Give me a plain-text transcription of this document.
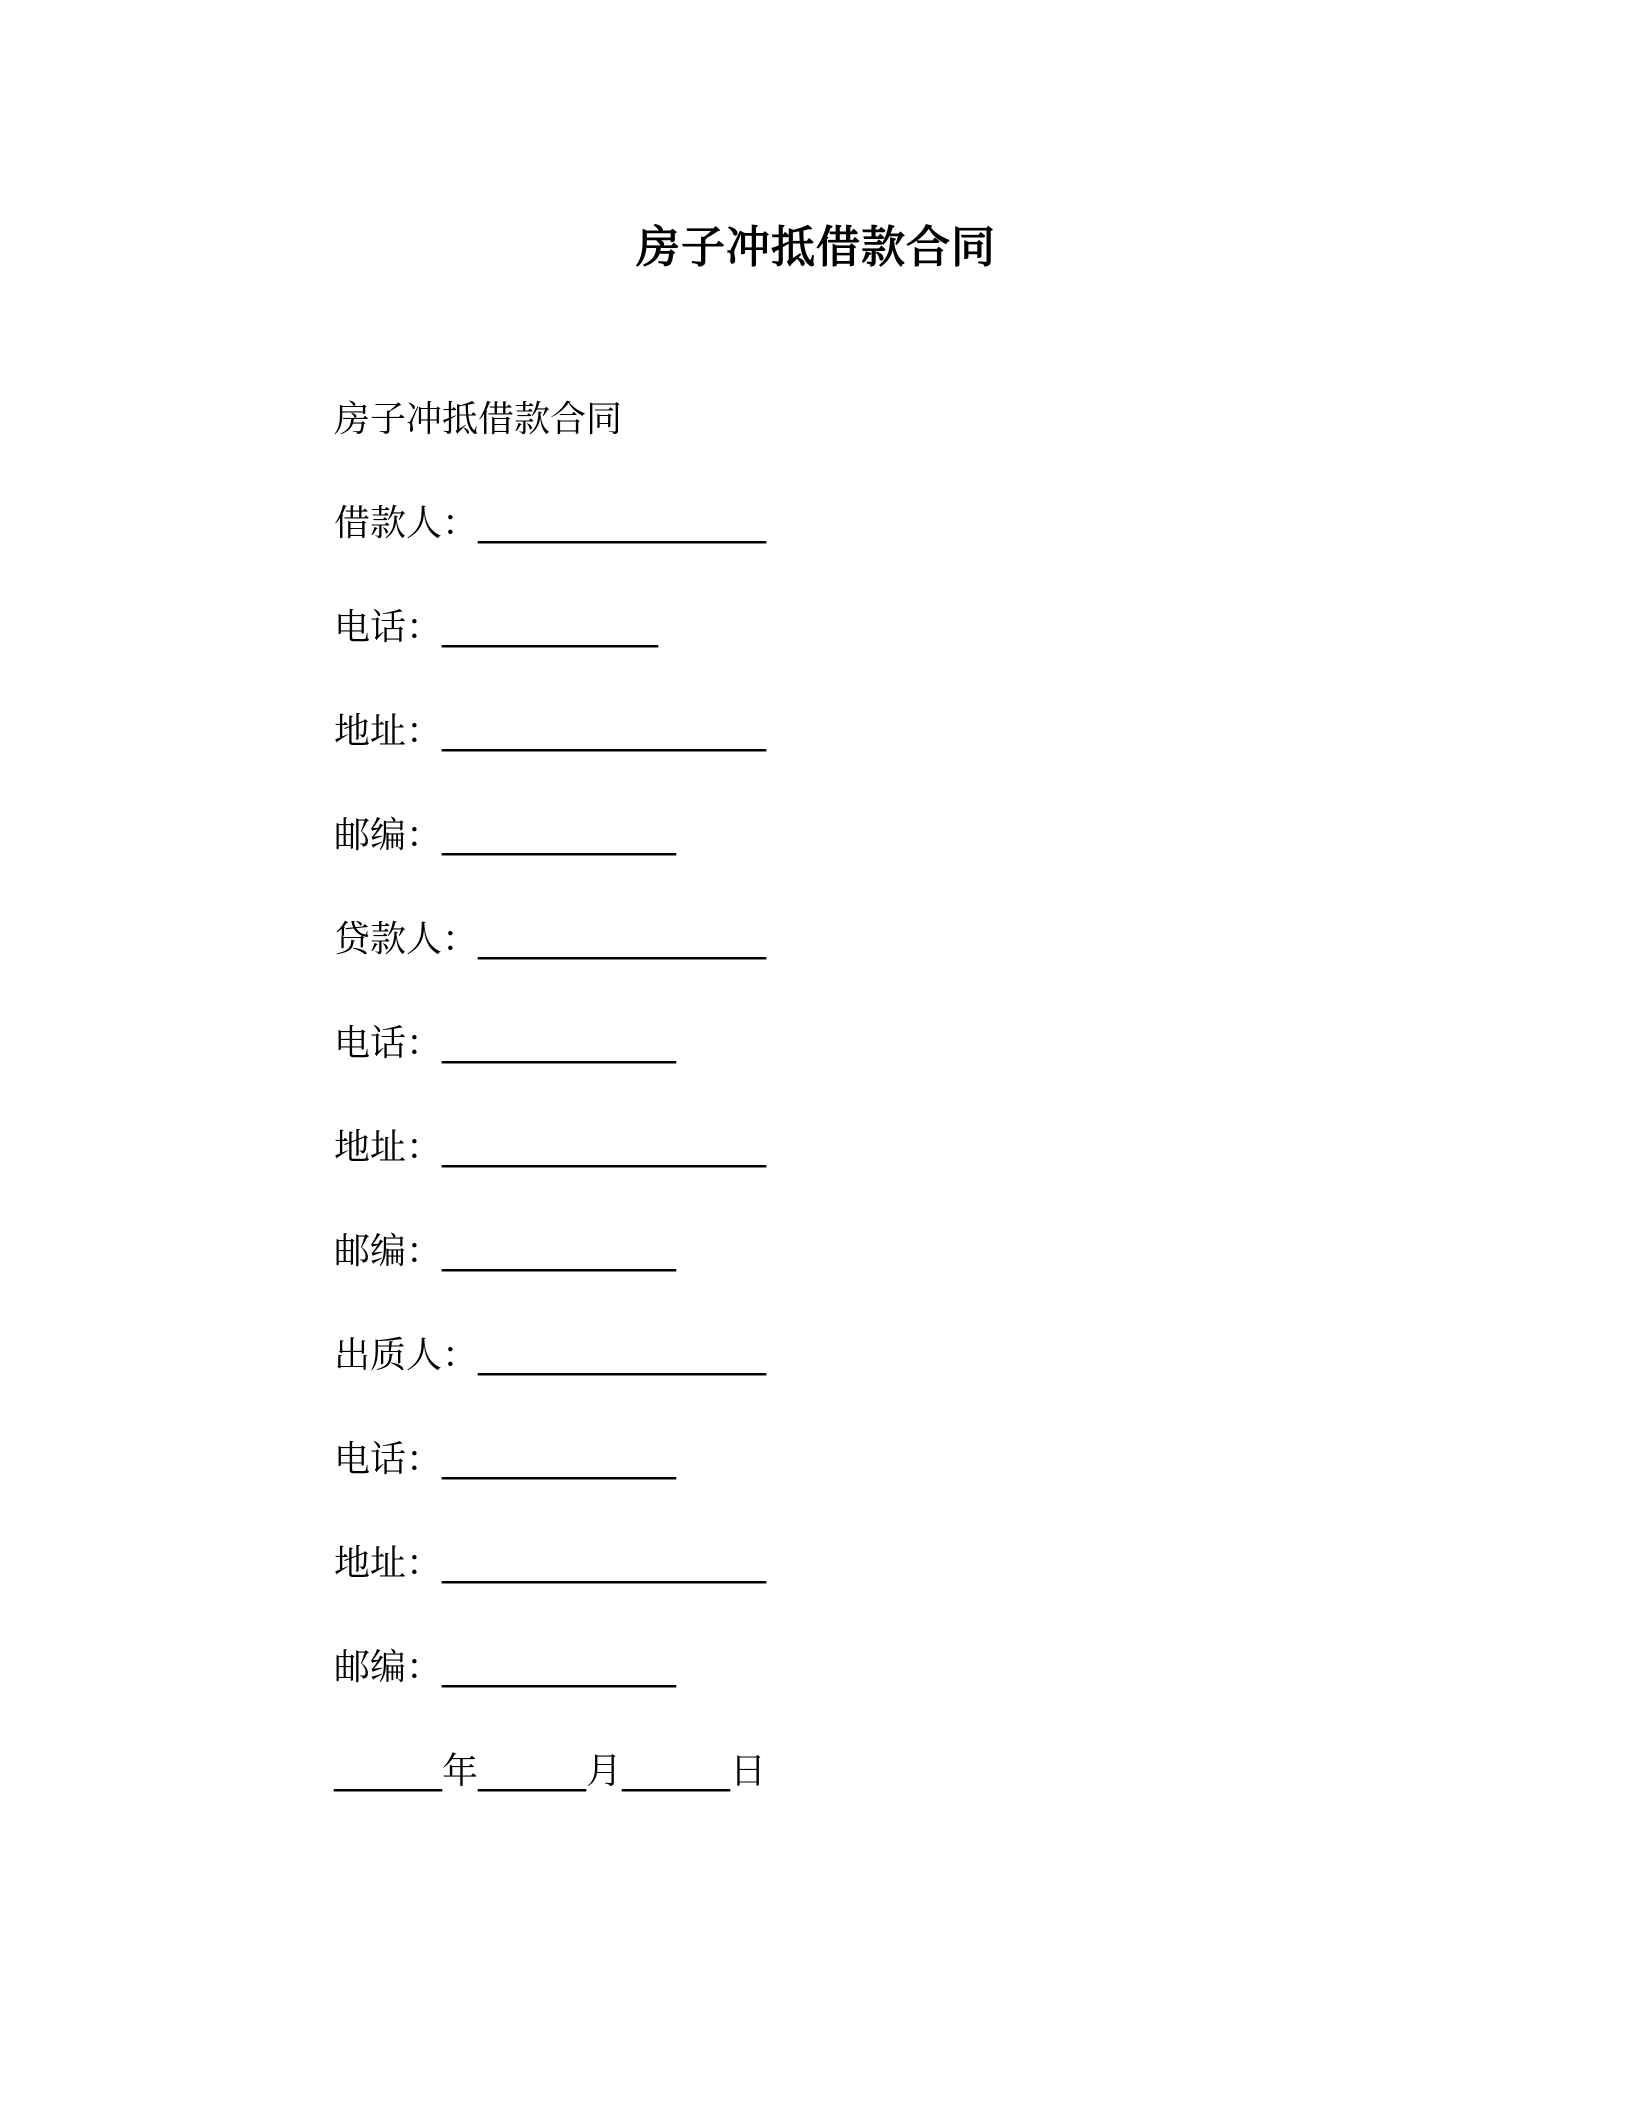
房子冲抵借款合同
房子冲抵借款合同
借款人：________________
电话：____________
地址：__________________
邮编：_____________
贷款人：________________
电话：_____________
地址：__________________
邮编：_____________
出质人：________________
电话：_____________
地址：__________________
邮编：_____________
______年______月______日
